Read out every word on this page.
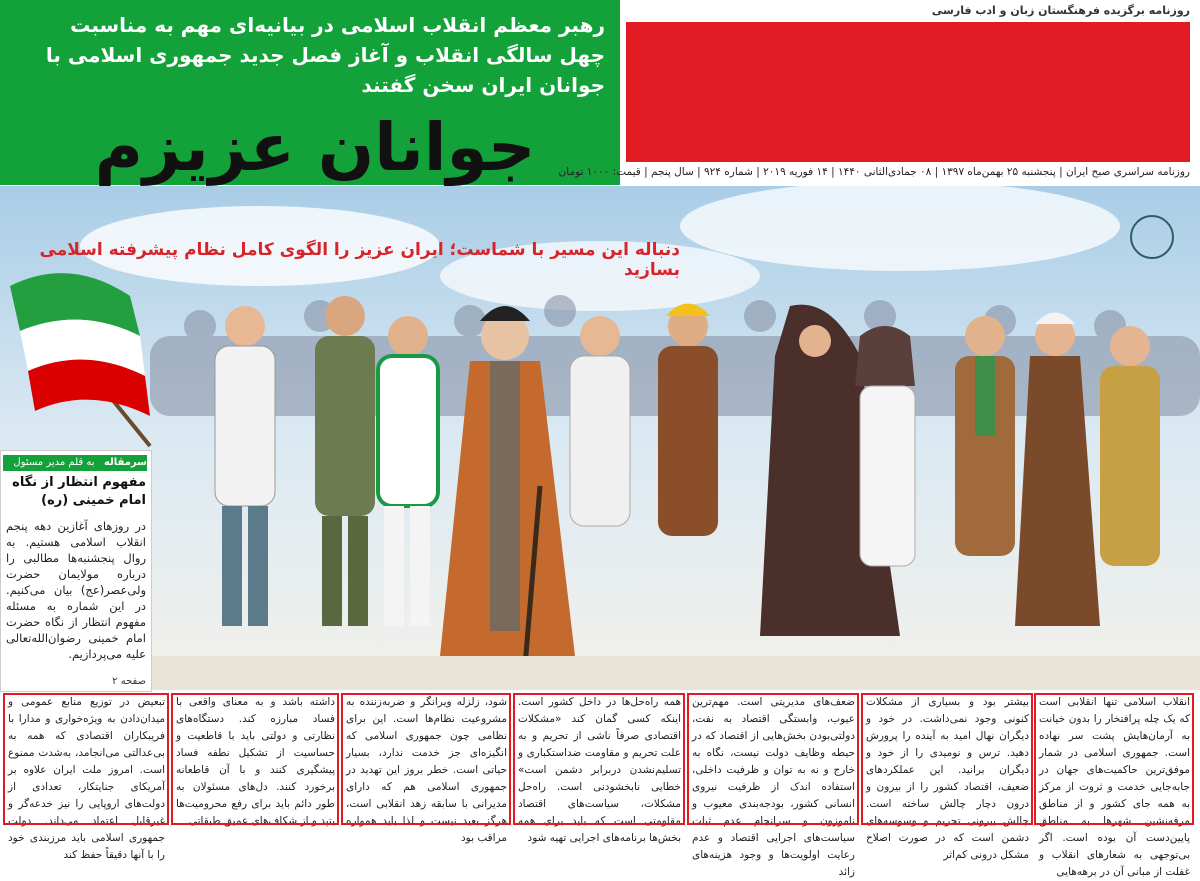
رهبر معظم انقلاب اسلامی در بیانیه‌ای مهم به مناسبت چهل سالگی انقلاب و آغاز فصل جدید جمهوری اسلامی با جوانان ایران سخن گفتند
جوانان عزیزم
روزنامه برگزیده فرهنگستان زبان و ادب فارسی
روزنامه سراسری صبح ایران | پنجشنبه ۲۵ بهمن‌ماه ۱۳۹۷ | ۰۸ جمادی‌الثانی ۱۴۴۰ | ۱۴ فوریه ۲۰۱۹ | شماره ۹۲۴ | سال پنجم | قیمت: ۱۰۰۰ تومان
دنباله این مسیر با شماست؛ ایران عزیز را الگوی کامل نظام پیشرفته اسلامی بسازید
سرمقاله به قلم مدیر مسئول
مفهوم انتظار از نگاه امام خمینی (ره)
در روزهای آغازین دهه پنجم انقلاب اسلامی هستیم. به روال پنجشنبه‌ها مطالبی را درباره مولایمان حضرت ولی‌عصر(عج) بیان می‌کنیم. در این شماره به مسئله مفهوم انتظار از نگاه حضرت امام خمینی رضوان‌الله‌تعالی علیه می‌پردازیم.
صفحه ۲
انقلاب اسلامی تنها انقلابی است که یک چله پرافتخار را بدون خیانت به آرمان‌هایش پشت سر نهاده است. جمهوری اسلامی در شمار موفق‌ترین حاکمیت‌های جهان در جابه‌جایی خدمت و ثروت از مرکز به همه جای کشور و از مناطق مرفه‌نشین شهرها به مناطق پایین‌دست آن بوده است. اگر بی‌توجهی به شعارهای انقلاب و غفلت از مبانی آن در برهه‌هایی
بیشتر بود و بسیاری از مشکلات کنونی وجود نمی‌داشت. در خود و دیگران نهال امید به آینده را پرورش دهید. ترس و نومیدی را از خود و دیگران برانید. این عملکردهای ضعیف، اقتصاد کشور را از بیرون و درون دچار چالش ساخته است. چالش بیرونی تحریم و وسوسه‌های دشمن است که در صورت اصلاح مشکل درونی کم‌اثر
ضعف‌های مدیریتی است. مهم‌ترین عیوب، وابستگی اقتصاد به نفت، دولتی‌بودن بخش‌هایی از اقتصاد که در حیطه وظایف دولت نیست، نگاه به خارج و نه به توان و ظرفیت داخلی، استفاده اندک از ظرفیت نیروی انسانی کشور، بودجه‌بندی معیوب و ناموزون و سرانجام عدم ثبات سیاست‌های اجرایی اقتصاد و عدم رعایت اولویت‌ها و وجود هزینه‌های زائد
همه راه‌حل‌ها در داخل کشور است. اینکه کسی گمان کند «مشکلات اقتصادی صرفاً ناشی از تحریم و به علت تحریم و مقاومت ضداستکباری و تسلیم‌نشدن دربرابر دشمن است» خطایی نابخشودنی است. راه‌حل مشکلات، سیاست‌های اقتصاد مقاومتی است که باید برای همه بخش‌ها برنامه‌های اجرایی تهیه شود
شود، زلزله ویرانگر و ضربه‌زننده به مشروعیت نظام‌ها است. این برای نظامی چون جمهوری اسلامی که انگیزه‌ای جز خدمت ندارد، بسیار حیاتی است. خطر بروز این تهدید در جمهوری اسلامی هم که دارای مدیرانی با سابقه زهد انقلابی است، هرگز بعید نیست و لذا باید همواره مراقب بود
داشته باشد و به معنای واقعی با فساد مبارزه کند. دستگاه‌های نظارتی و دولتی باید با قاطعیت و حساسیت از تشکیل نطفه فساد پیشگیری کنند و با آن قاطعانه برخورد کنند. دل‌های مسئولان به طور دائم باید برای رفع محرومیت‌ها بتپد و از شکاف‌های عمیق طبقاتی
تبعیض در توزیع منابع عمومی و میدان‌دادن به ویژه‌خواری و مدارا با فریبکاران اقتصادی که همه به بی‌عدالتی می‌انجامد، به‌شدت ممنوع است. امروز ملت ایران علاوه بر آمریکای جنایتکار، تعدادی از دولت‌های اروپایی را نیز خدعه‌گر و غیرقابل اعتماد می‌داند. دولت جمهوری اسلامی باید مرزبندی خود را با آنها دقیقاً حفظ کند
